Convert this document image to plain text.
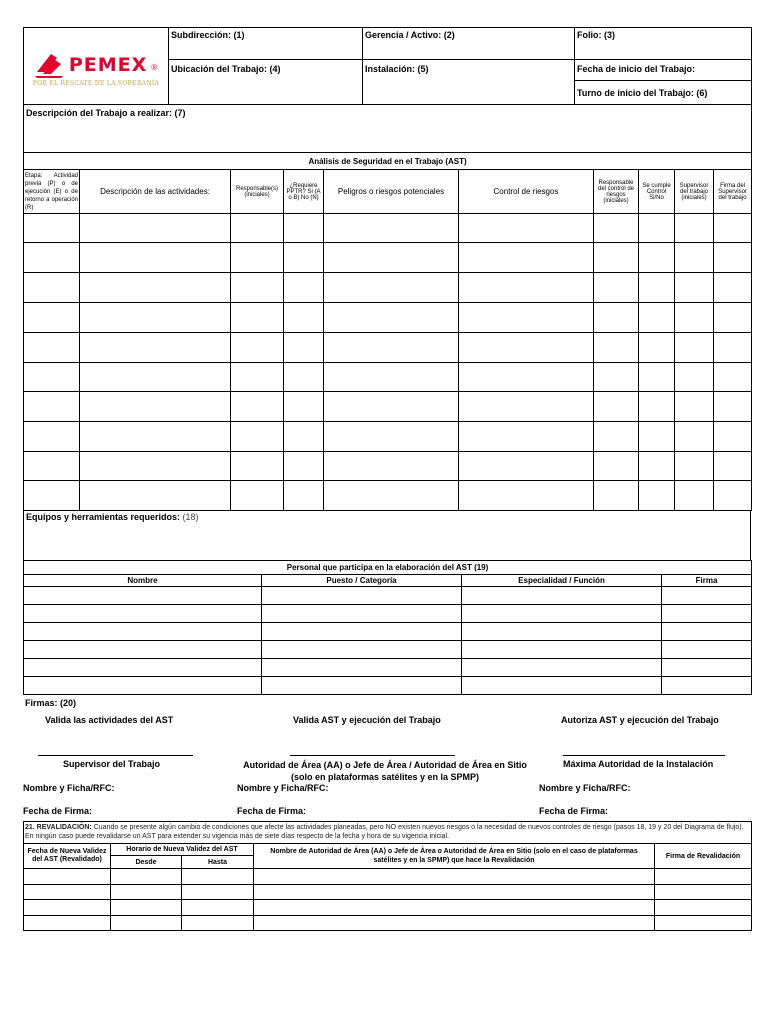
PEMEX ®
POR EL RESCATE DE LA SOBERANÍA	Subdirección: (1)	Gerencia / Activo: (2)	Folio: (3)
	Ubicación del Trabajo: (4)	Instalación: (5)	Fecha de inicio del Trabajo:
			Turno de inicio del Trabajo: (6)
Descripción del Trabajo a realizar: (7)			
Análisis de Seguridad en el Trabajo (AST)									
Etapa: Actividad previa (P) o de ejecución (E) o de retorno a operación (R)	Descripción de las actividades:	Responsable(s) (iniciales)	¿Requiere PPTR? Si (A o B) No (N)	Peligros o riesgos potenciales	Control de riesgos	Responsable del control de riesgos (iniciales)	Se cumple Control Si/No	Supervisor del trabajo (iniciales)	Firma del Supervisor del trabajo

Equipos y herramientas requeridos: (18)
Personal que participa en la elaboración del AST (19)			
Nombre	Puesto / Categoría	Especialidad / Función	Firma

Firmas: (20)
Valida las actividades del AST
Supervisor del Trabajo
Nombre y Ficha/RFC:
Fecha de Firma:
Valida AST y ejecución del Trabajo
Autoridad de Área (AA) o Jefe de Área / Autoridad de Área en Sitio (solo en plataformas satélites y en la SPMP)
Nombre y Ficha/RFC:
Fecha de Firma:
Autoriza AST y ejecución del Trabajo
Máxima Autoridad de la Instalación
Nombre y Ficha/RFC:
Fecha de Firma:
21. REVALIDACIÓN: Cuando se presente algún cambio de condiciones que afecte las actividades planeadas, pero NO existen nuevos riesgos o la necesidad de nuevos controles de riesgo (pasos 18, 19 y 20 del Diagrama de flujo). En ningún caso puede revalidarse un AST para extender su vigencia más de siete días respecto de la fecha y hora de su vigencia inicial.				
Fecha de Nueva Validez del AST (Revalidado)	Horario de Nueva Validez del AST		Nombre de Autoridad de Área (AA) o Jefe de Área o Autoridad de Área en Sitio (solo en el caso de plataformas satélites y en la SPMP) que hace la Revalidación	Firma de Revalidación
	Desde	Hasta		
